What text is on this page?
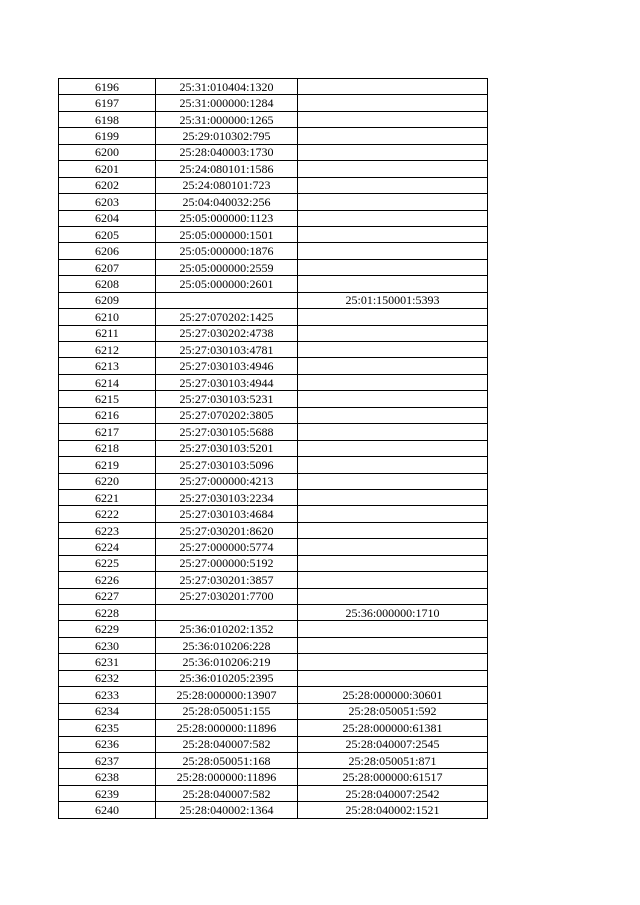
6196	25:31:010404:1320	
6197	25:31:000000:1284	
6198	25:31:000000:1265	
6199	25:29:010302:795	
6200	25:28:040003:1730	
6201	25:24:080101:1586	
6202	25:24:080101:723	
6203	25:04:040032:256	
6204	25:05:000000:1123	
6205	25:05:000000:1501	
6206	25:05:000000:1876	
6207	25:05:000000:2559	
6208	25:05:000000:2601	
6209		25:01:150001:5393
6210	25:27:070202:1425	
6211	25:27:030202:4738	
6212	25:27:030103:4781	
6213	25:27:030103:4946	
6214	25:27:030103:4944	
6215	25:27:030103:5231	
6216	25:27:070202:3805	
6217	25:27:030105:5688	
6218	25:27:030103:5201	
6219	25:27:030103:5096	
6220	25:27:000000:4213	
6221	25:27:030103:2234	
6222	25:27:030103:4684	
6223	25:27:030201:8620	
6224	25:27:000000:5774	
6225	25:27:000000:5192	
6226	25:27:030201:3857	
6227	25:27:030201:7700	
6228		25:36:000000:1710
6229	25:36:010202:1352	
6230	25:36:010206:228	
6231	25:36:010206:219	
6232	25:36:010205:2395	
6233	25:28:000000:13907	25:28:000000:30601
6234	25:28:050051:155	25:28:050051:592
6235	25:28:000000:11896	25:28:000000:61381
6236	25:28:040007:582	25:28:040007:2545
6237	25:28:050051:168	25:28:050051:871
6238	25:28:000000:11896	25:28:000000:61517
6239	25:28:040007:582	25:28:040007:2542
6240	25:28:040002:1364	25:28:040002:1521
